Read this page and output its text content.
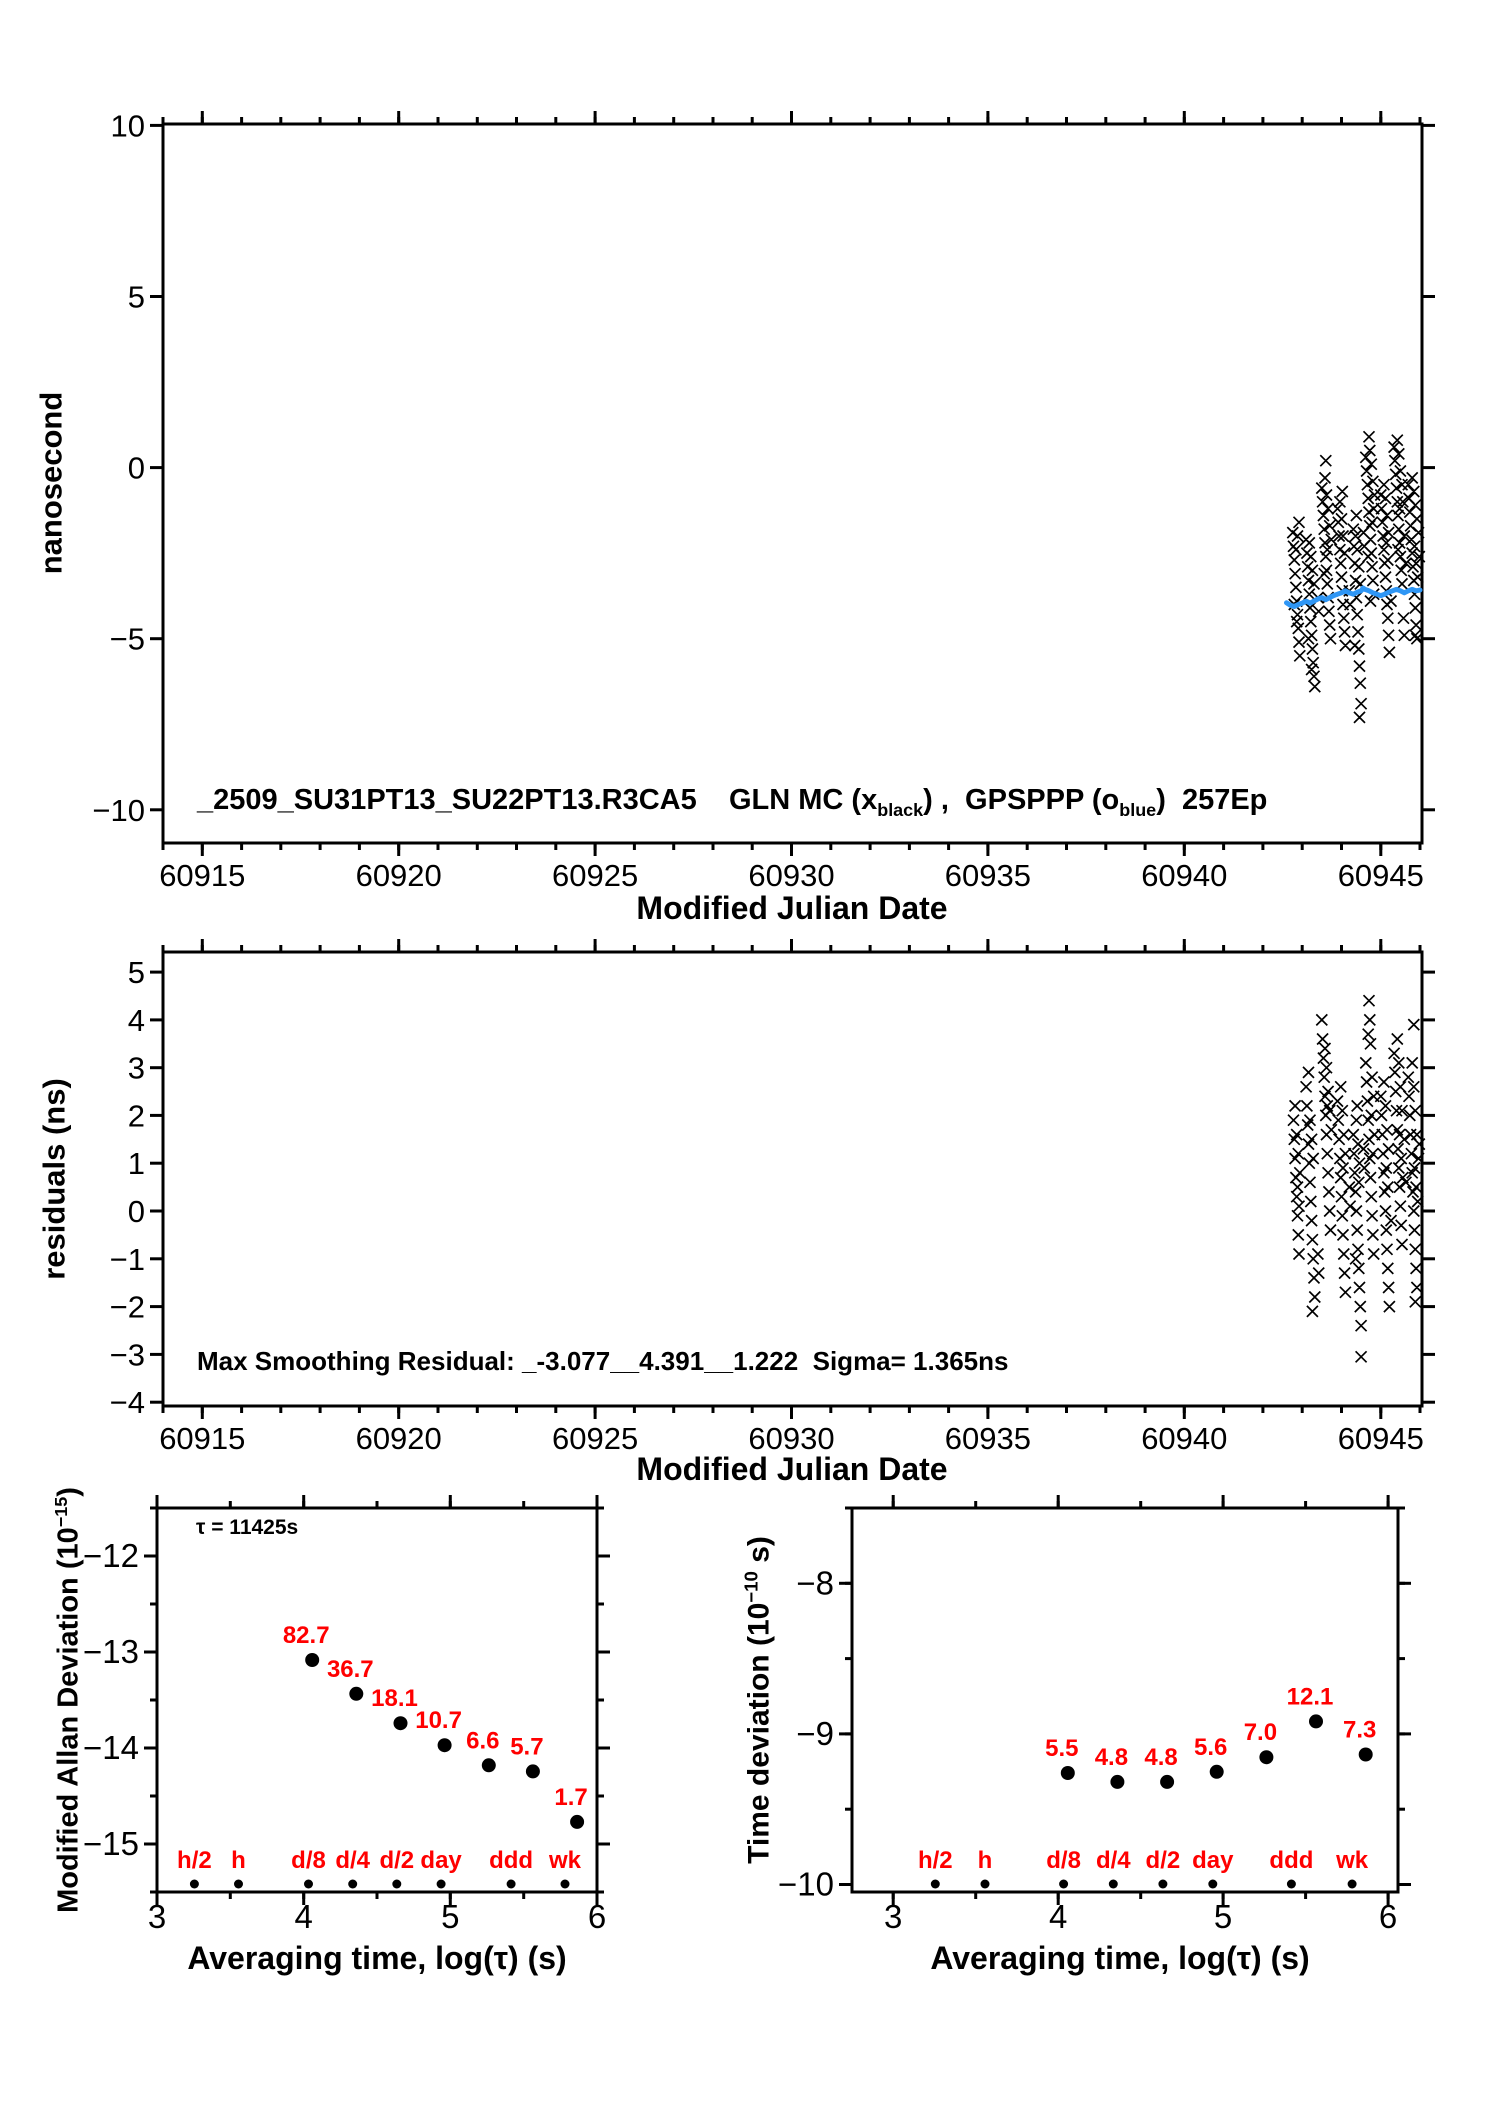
60915	60920	60925	60930	60935	60940	60945
10
5
0
−5
−10
60915	60920	60925	60930	60935	60940	60945
5
4
3
2
1
0
−1
−2
−3
−4
3	4	5	6
−12
−13
−14
−15
82.7
36.7
18.1
10.7
6.6 5.7
1.7
h/2 h d/8 d/4 d/2 day ddd wk
3	4	5	6
−8
−9
−10
5.5 4.8 4.8 5.6
7.0
12.1
7.3
h/2 h d/8 d/4 d/2 day ddd wk
_2509_SU31PT13_SU22PT13.R3CA5    GLN MC $(x_{black})$ ,  GPSPPP $(o_{blue})$  257Ep
nanosecond
Modified Julian Date
residuals (ns)
Modified Julian Date
Max Smoothing Residual: _-3.077__4.391__1.222  Sigma= 1.365ns
Modified Allan Deviation $(10^{-15})$
Averaging time, log(τ) (s)
τ = 11425s
Time deviation ($10^{-10}$ s)
Averaging time, log(τ) (s)
